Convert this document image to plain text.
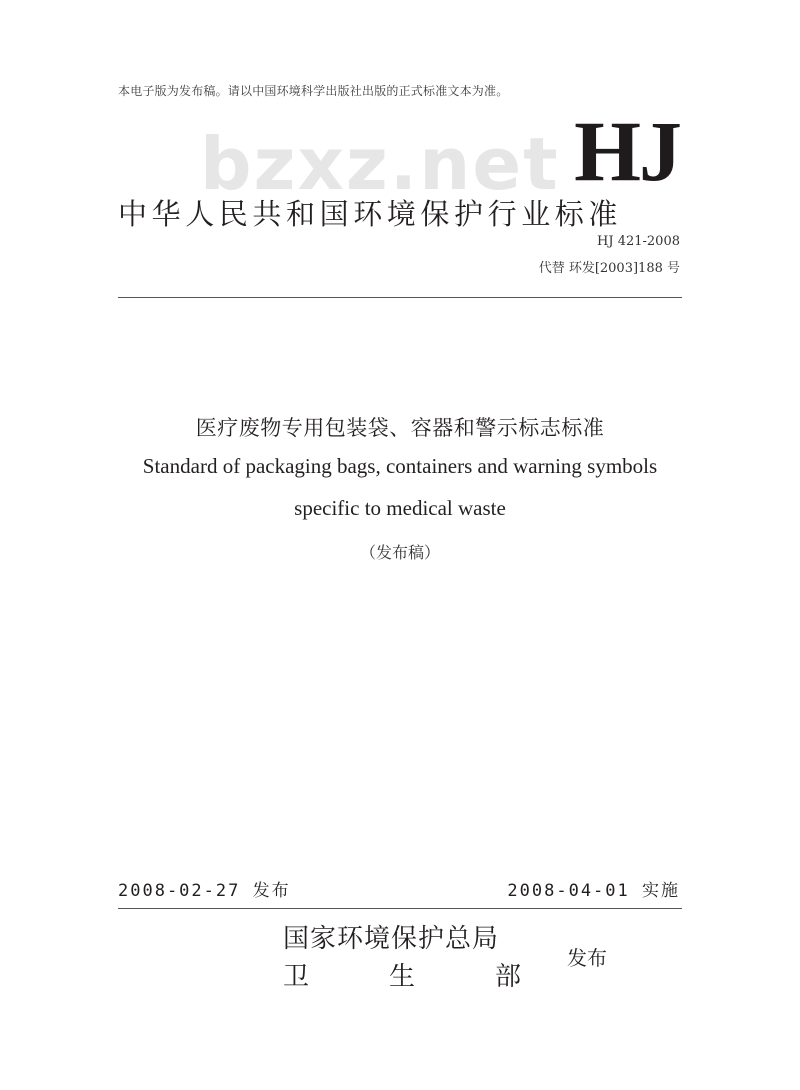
本电子版为发布稿。请以中国环境科学出版社出版的正式标准文本为准。
bzxz.net HJ
中华人民共和国环境保护行业标准
HJ 421-2008
代替 环发[2003]188 号
医疗废物专用包装袋、容器和警示标志标准
Standard of packaging bags, containers and warning symbols
specific to medical waste
（发布稿）
2008-02-27 发布	2008-04-01 实施
国家环境保护总局
卫	生	部
发布
